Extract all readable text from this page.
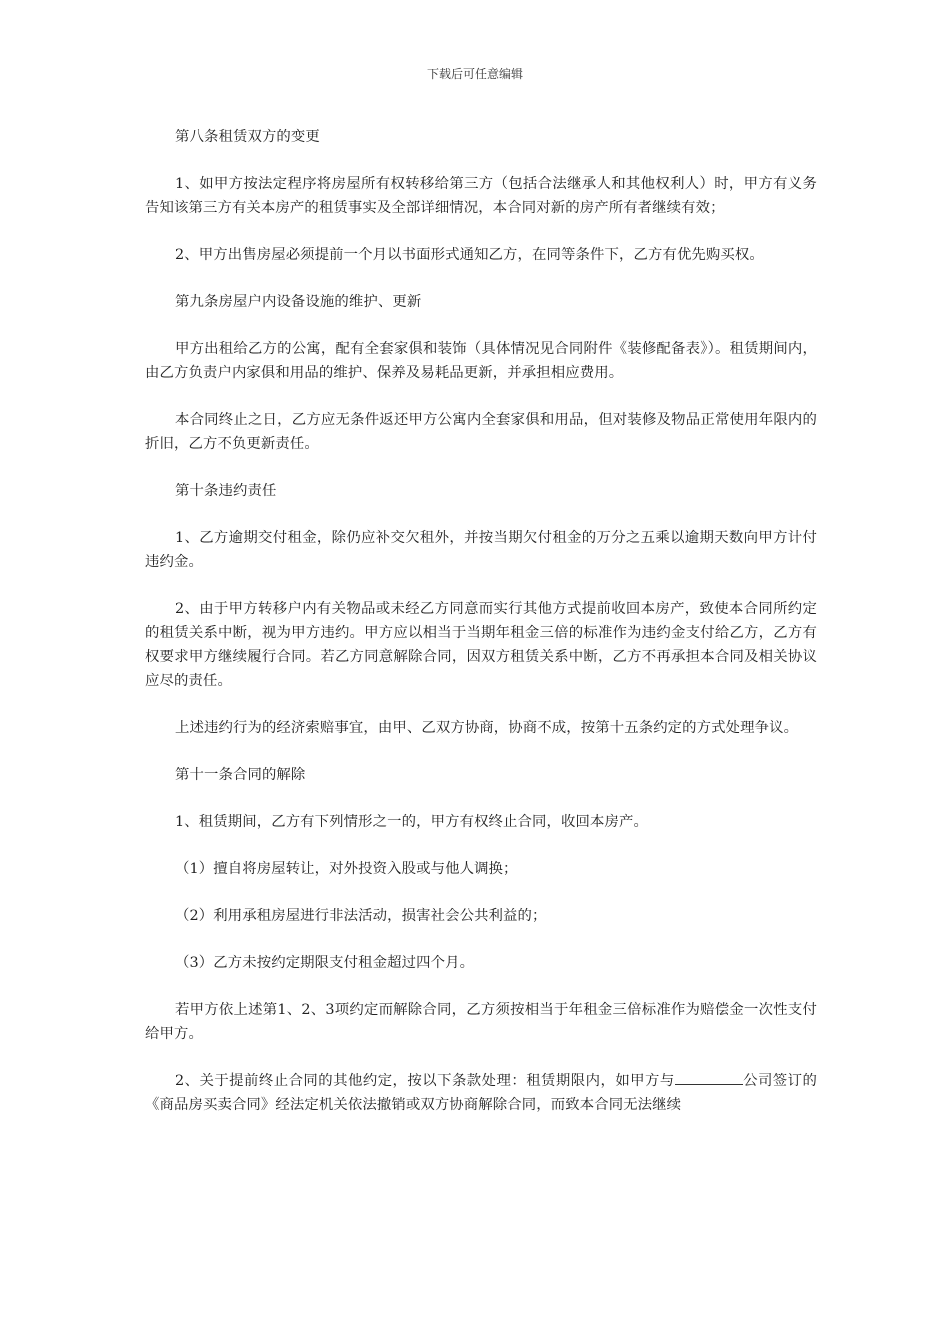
下载后可任意编辑

第八条租赁双方的变更

1、如甲方按法定程序将房屋所有权转移给第三方（包括合法继承人和其他权利人）时，甲方有义务告知该第三方有关本房产的租赁事实及全部详细情况，本合同对新的房产所有者继续有效；

2、甲方出售房屋必须提前一个月以书面形式通知乙方，在同等条件下，乙方有优先购买权。

第九条房屋户内设备设施的维护、更新

甲方出租给乙方的公寓，配有全套家俱和装饰（具体情况见合同附件《装修配备表》）。租赁期间内，由乙方负责户内家俱和用品的维护、保养及易耗品更新，并承担相应费用。

本合同终止之日，乙方应无条件返还甲方公寓内全套家俱和用品，但对装修及物品正常使用年限内的折旧，乙方不负更新责任。

第十条违约责任

1、乙方逾期交付租金，除仍应补交欠租外，并按当期欠付租金的万分之五乘以逾期天数向甲方计付违约金。

2、由于甲方转移户内有关物品或未经乙方同意而实行其他方式提前收回本房产，致使本合同所约定的租赁关系中断，视为甲方违约。甲方应以相当于当期年租金三倍的标准作为违约金支付给乙方，乙方有权要求甲方继续履行合同。若乙方同意解除合同，因双方租赁关系中断，乙方不再承担本合同及相关协议应尽的责任。

上述违约行为的经济索赔事宜，由甲、乙双方协商，协商不成，按第十五条约定的方式处理争议。

第十一条合同的解除

1、租赁期间，乙方有下列情形之一的，甲方有权终止合同，收回本房产。

（1）擅自将房屋转让，对外投资入股或与他人调换；

（2）利用承租房屋进行非法活动，损害社会公共利益的；

（3）乙方未按约定期限支付租金超过四个月。

若甲方依上述第1、2、3项约定而解除合同，乙方须按相当于年租金三倍标准作为赔偿金一次性支付给甲方。

2、关于提前终止合同的其他约定，按以下条款处理：租赁期限内，如甲方与	公司签订的《商品房买卖合同》经法定机关依法撤销或双方协商解除合同，而致本合同无法继续
